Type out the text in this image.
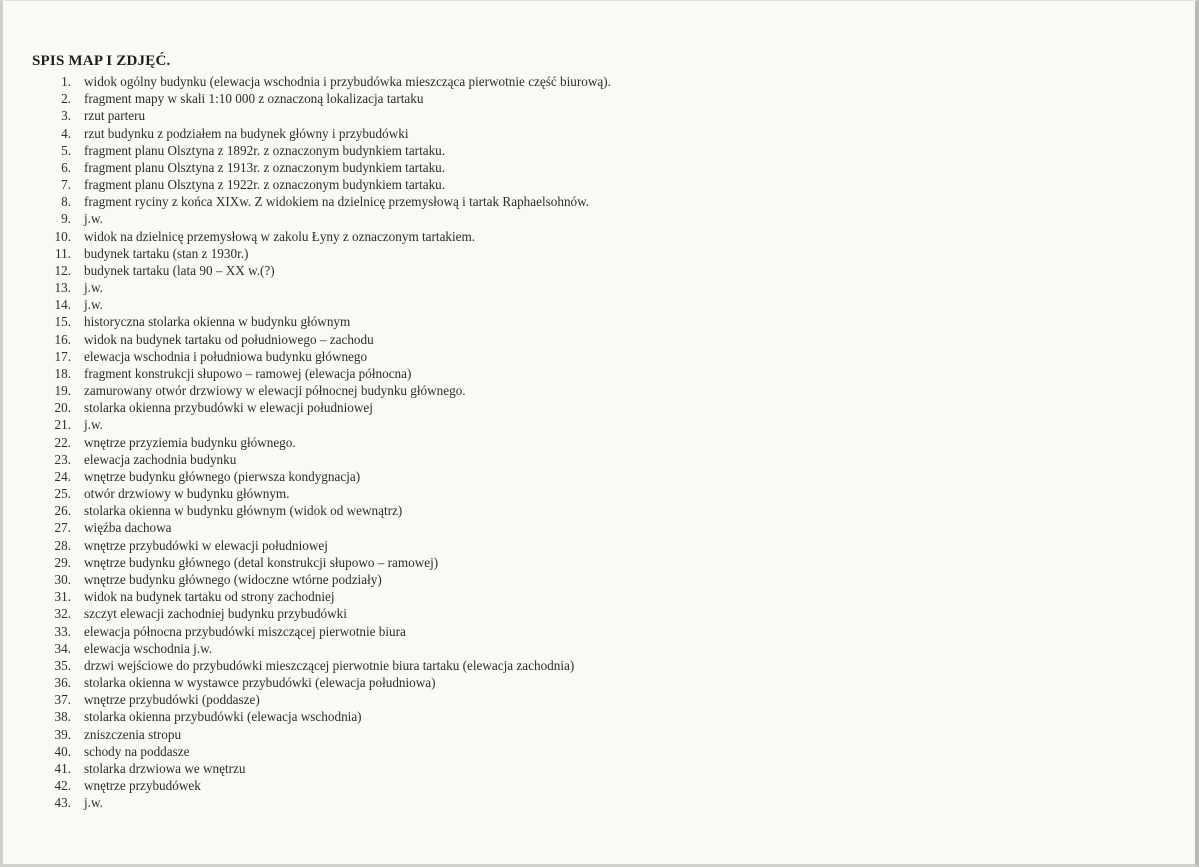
SPIS MAP I ZDJĘĆ.
1. widok ogólny budynku (elewacja wschodnia i przybudówka mieszcząca pierwotnie część biurową).
2. fragment mapy w skali 1:10 000 z oznaczoną lokalizacja tartaku
3. rzut parteru
4. rzut budynku z podziałem na budynek główny i przybudówki
5. fragment planu Olsztyna z 1892r. z oznaczonym budynkiem tartaku.
6. fragment planu Olsztyna z 1913r. z oznaczonym budynkiem tartaku.
7. fragment planu Olsztyna z 1922r. z oznaczonym budynkiem tartaku.
8. fragment ryciny z końca XIXw. Z widokiem na dzielnicę przemysłową i tartak Raphaelsohnów.
9. j.w.
10. widok na dzielnicę przemysłową w zakolu Łyny z oznaczonym tartakiem.
11. budynek tartaku (stan z 1930r.)
12. budynek tartaku (lata 90 – XX w.(?)
13. j.w.
14. j.w.
15. historyczna stolarka okienna w budynku głównym
16. widok na budynek tartaku od południowego – zachodu
17. elewacja wschodnia i południowa budynku głównego
18. fragment konstrukcji słupowo – ramowej (elewacja północna)
19. zamurowany otwór drzwiowy w elewacji północnej budynku głównego.
20. stolarka okienna przybudówki w elewacji południowej
21. j.w.
22. wnętrze przyziemia budynku głównego.
23. elewacja zachodnia budynku
24. wnętrze budynku głównego (pierwsza kondygnacja)
25. otwór drzwiowy w budynku głównym.
26. stolarka okienna w budynku głównym (widok od wewnątrz)
27. więźba dachowa
28. wnętrze przybudówki w elewacji południowej
29. wnętrze budynku głównego (detal konstrukcji słupowo – ramowej)
30. wnętrze budynku głównego (widoczne wtórne podziały)
31. widok na budynek tartaku od strony zachodniej
32. szczyt elewacji zachodniej budynku przybudówki
33. elewacja północna przybudówki miszczącej pierwotnie biura
34. elewacja wschodnia j.w.
35. drzwi wejściowe do przybudówki mieszczącej pierwotnie biura tartaku (elewacja zachodnia)
36. stolarka okienna w wystawce przybudówki (elewacja południowa)
37. wnętrze przybudówki (poddasze)
38. stolarka okienna przybudówki (elewacja wschodnia)
39. zniszczenia stropu
40. schody na poddasze
41. stolarka drzwiowa we wnętrzu
42. wnętrze przybudówek
43. j.w.
